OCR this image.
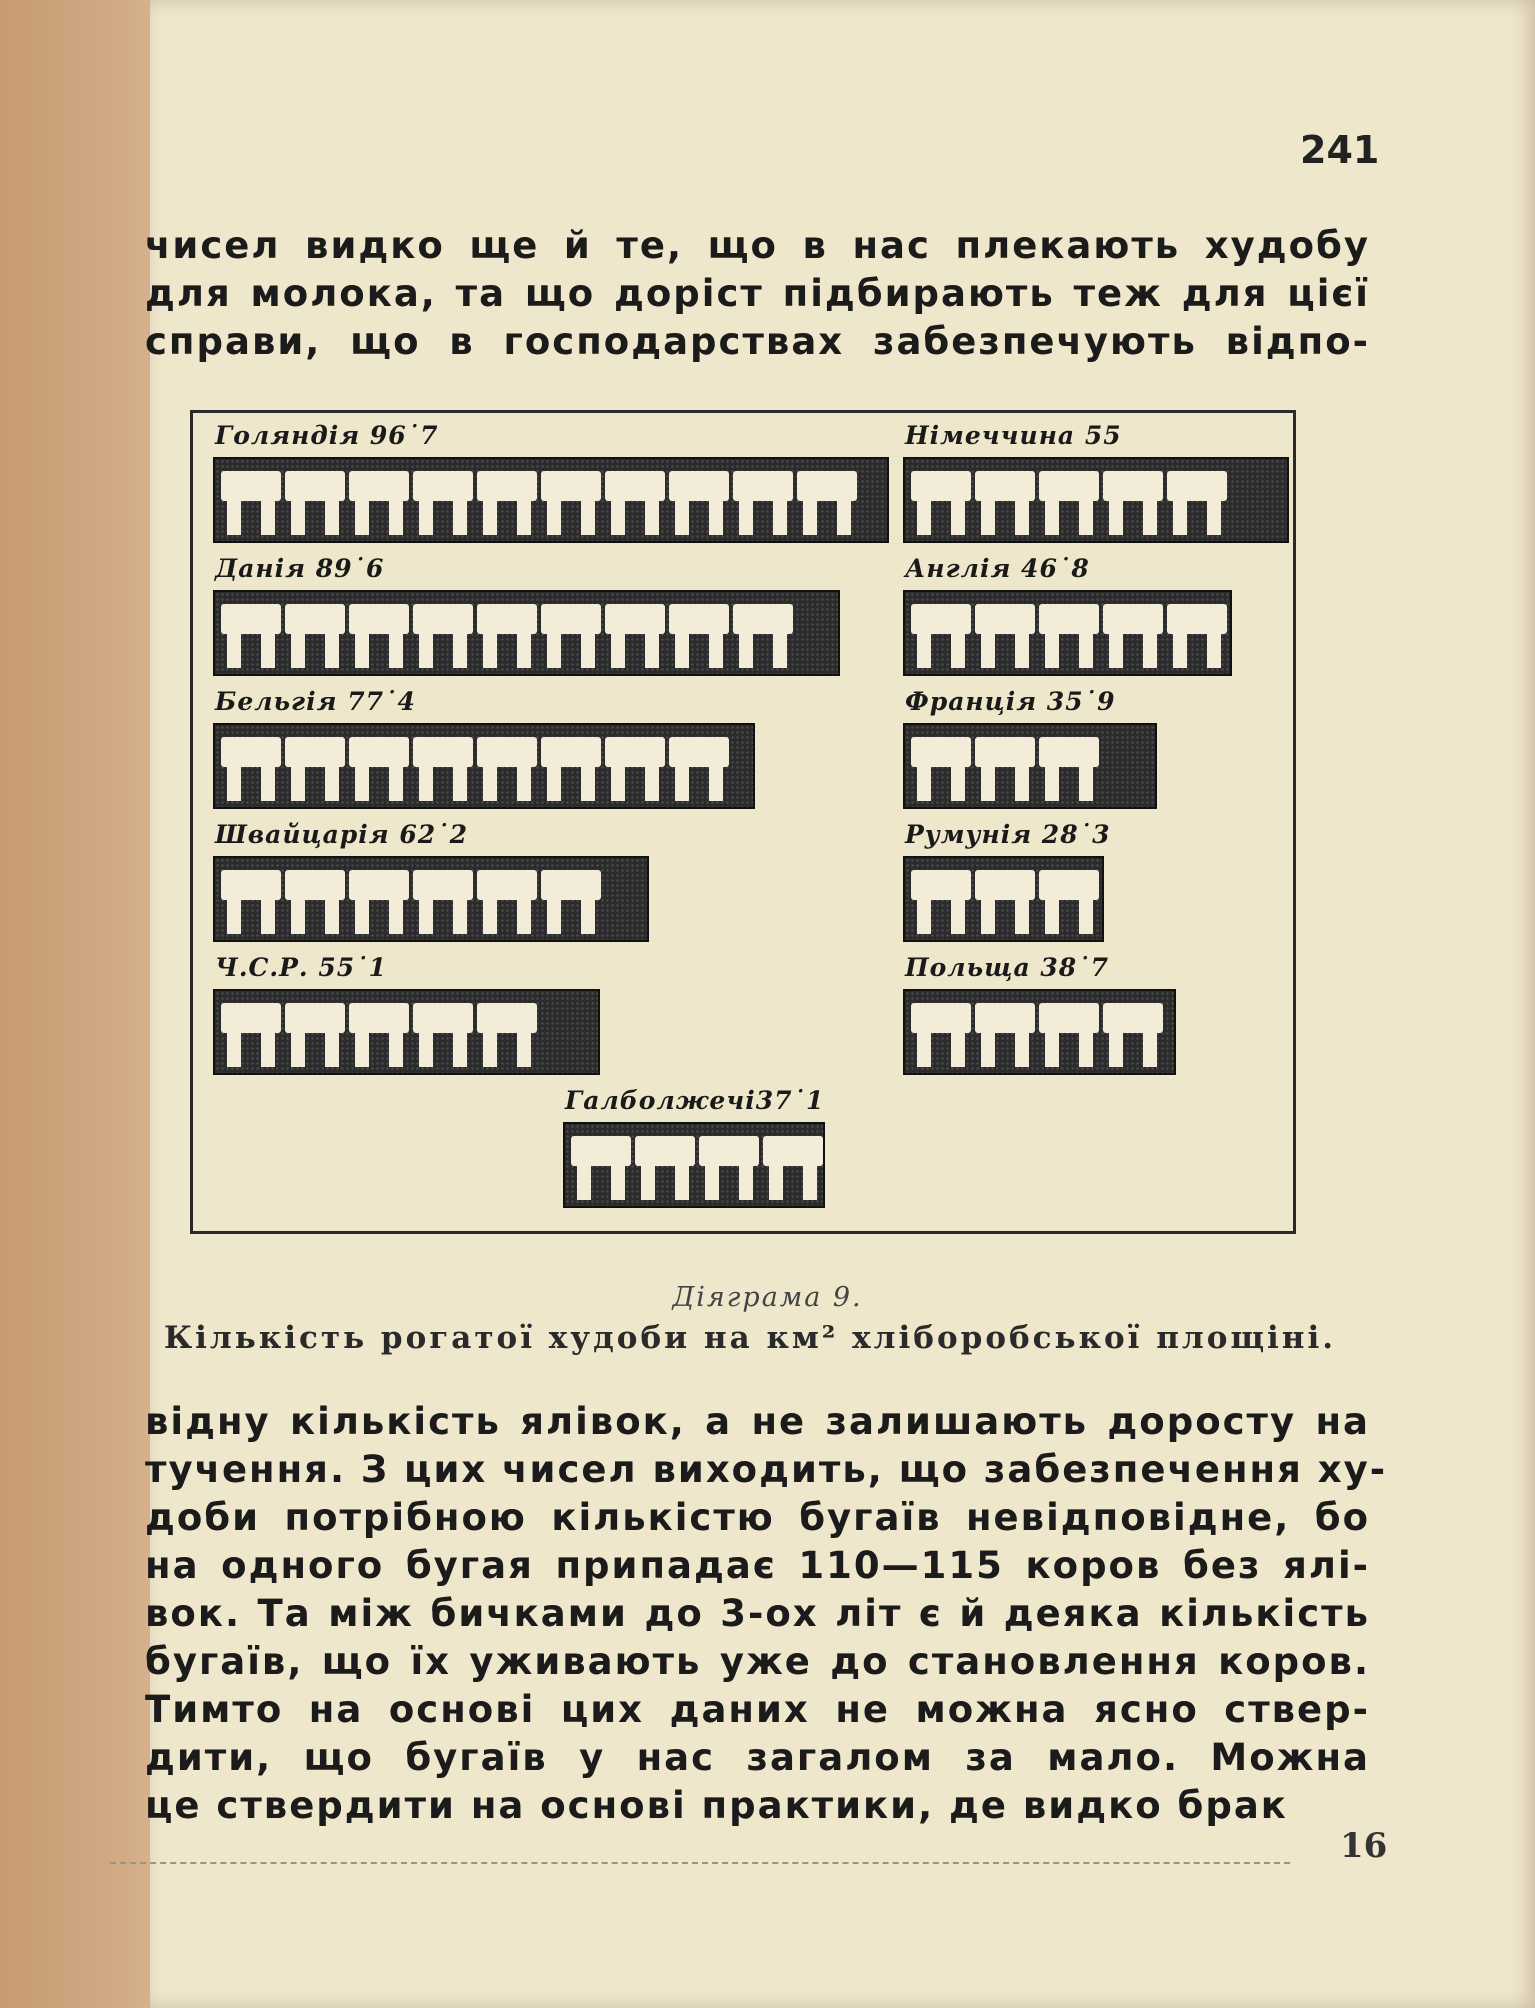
241
чисел видко ще й те, що в нас плекають худобу
для молока, та що доріст підбирають теж для цієї
справи, що в господарствах забезпечують відпо-
Голяндія 96˙7
Данія 89˙6
Бельгія 77˙4
Швайцарія 62˙2
Ч.С.Р. 55˙1
Німеччина 55
Англія 46˙8
Франція 35˙9
Румунія 28˙3
Польща 38˙7
Галболжечі37˙1
Діяграма 9.
Кількість рогатої худоби на км² хліборобської площіні.
відну кількість ялівок, а не залишають доросту на
тучення. З цих чисел виходить, що забезпечення ху-
доби потрібною кількістю бугаїв невідповідне, бо
на одного бугая припадає 110—115 коров без ялі-
вок. Та між бичками до 3-ох літ є й деяка кількість
бугаїв, що їх уживають уже до становлення коров.
Тимто на основі цих даних не можна ясно ствер-
дити, що бугаїв у нас загалом за мало. Можна
це ствердити на основі практики, де видко брак
16
